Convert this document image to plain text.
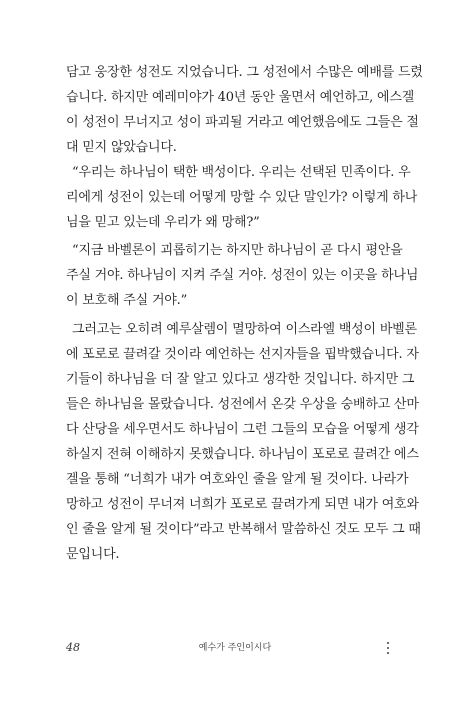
담고 웅장한 성전도 지었습니다. 그 성전에서 수많은 예배를 드렸
습니다. 하지만 예레미야가 40년 동안 울면서 예언하고, 에스겔
이 성전이 무너지고 성이 파괴될 거라고 예언했음에도 그들은 절
대 믿지 않았습니다.
“우리는 하나님이 택한 백성이다. 우리는 선택된 민족이다. 우
리에게 성전이 있는데 어떻게 망할 수 있단 말인가? 이렇게 하나
님을 믿고 있는데 우리가 왜 망해?”
“지금 바벨론이 괴롭히기는 하지만 하나님이 곧 다시 평안을
주실 거야. 하나님이 지켜 주실 거야. 성전이 있는 이곳을 하나님
이 보호해 주실 거야.”
그러고는 오히려 예루살렘이 멸망하여 이스라엘 백성이 바벨론
에 포로로 끌려갈 것이라 예언하는 선지자들을 핍박했습니다. 자
기들이 하나님을 더 잘 알고 있다고 생각한 것입니다. 하지만 그
들은 하나님을 몰랐습니다. 성전에서 온갖 우상을 숭배하고 산마
다 산당을 세우면서도 하나님이 그런 그들의 모습을 어떻게 생각
하실지 전혀 이해하지 못했습니다. 하나님이 포로로 끌려간 에스
겔을 통해 “너희가 내가 여호와인 줄을 알게 될 것이다. 나라가
망하고 성전이 무너져 너희가 포로로 끌려가게 되면 내가 여호와
인 줄을 알게 될 것이다”라고 반복해서 말씀하신 것도 모두 그 때
문입니다.
48	예수가 주인이시다
